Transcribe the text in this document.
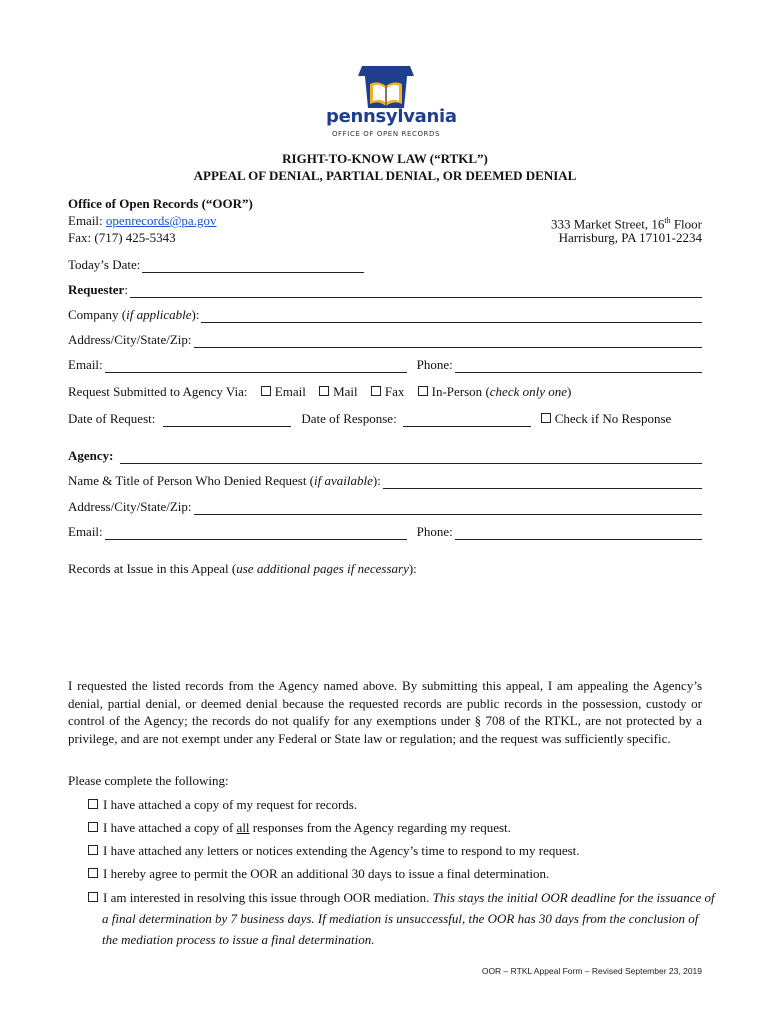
pennsylvania
OFFICE OF OPEN RECORDS
RIGHT-TO-KNOW LAW (“RTKL”)
APPEAL OF DENIAL, PARTIAL DENIAL, OR DEEMED DENIAL
Office of Open Records (“OOR”)
Email: openrecords@pa.gov
Fax: (717) 425-5343
333 Market Street, 16th Floor
Harrisburg, PA 17101-2234
Today’s Date:
Requester :
Company (if applicable):
Address/City/State/Zip:
Email:	Phone:
Request Submitted to Agency Via: Email Mail Fax In-Person (check only one)
Date of Request:	Date of Response:	Check if No Response
Agency:
Name & Title of Person Who Denied Request (if available):
Address/City/State/Zip:
Email:	Phone:
Records at Issue in this Appeal (use additional pages if necessary):
I requested the listed records from the Agency named above. By submitting this appeal, I am appealing the Agency’s denial, partial denial, or deemed denial because the requested records are public records in the possession, custody or control of the Agency; the records do not qualify for any exemptions under § 708 of the RTKL, are not protected by a privilege, and are not exempt under any Federal or State law or regulation; and the request was sufficiently specific.
Please complete the following:
I have attached a copy of my request for records.
I have attached a copy of all responses from the Agency regarding my request.
I have attached any letters or notices extending the Agency’s time to respond to my request.
I hereby agree to permit the OOR an additional 30 days to issue a final determination.
I am interested in resolving this issue through OOR mediation. This stays the initial OOR deadline for the issuance of a final determination by 7 business days. If mediation is unsuccessful, the OOR has 30 days from the conclusion of the mediation process to issue a final determination.
OOR – RTKL Appeal Form – Revised September 23, 2019
